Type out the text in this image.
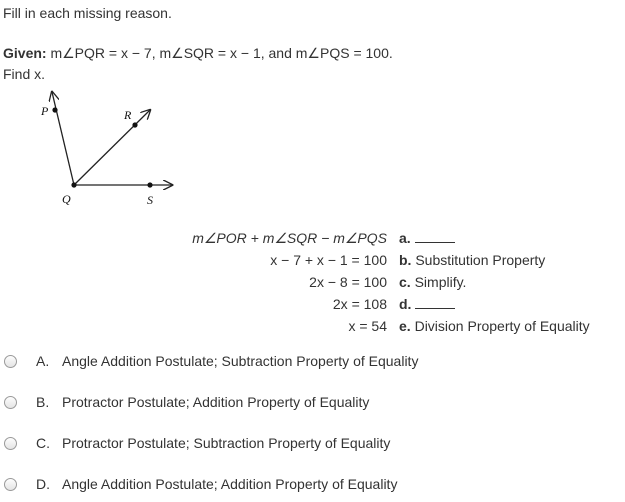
Fill in each missing reason.
Given: m∠PQR = x − 7, m∠SQR = x − 1, and m∠PQS = 100.
Find x.
P	R
Q	S
m∠POR + m∠SQR − m∠PQS a.
x − 7 + x − 1 = 100 b. Substitution Property
2x − 8 = 100 c. Simplify.
2x = 108 d.
x = 54 e. Division Property of Equality
A. Angle Addition Postulate; Subtraction Property of Equality
B. Protractor Postulate; Addition Property of Equality
C. Protractor Postulate; Subtraction Property of Equality
D. Angle Addition Postulate; Addition Property of Equality
